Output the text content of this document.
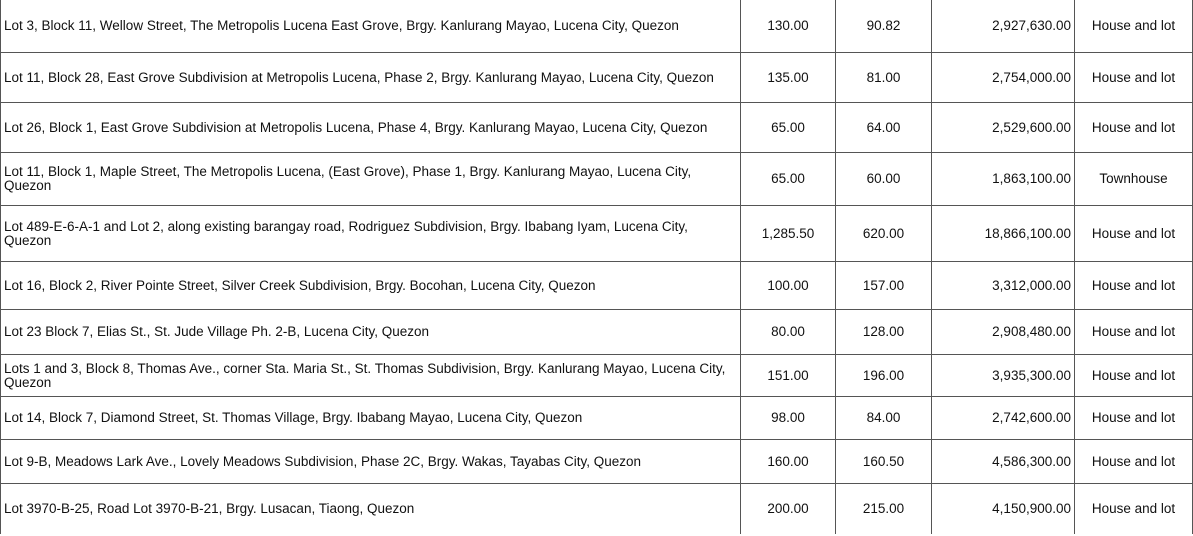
Lot 3, Block 11, Wellow Street, The Metropolis Lucena East Grove, Brgy. Kanlurang Mayao, Lucena City, Quezon	130.00	90.82	2,927,630.00	House and lot
Lot 11, Block 28, East Grove Subdivision at Metropolis Lucena, Phase 2, Brgy. Kanlurang Mayao, Lucena City, Quezon	135.00	81.00	2,754,000.00	House and lot
Lot 26, Block 1, East Grove Subdivision at Metropolis Lucena, Phase 4, Brgy. Kanlurang Mayao, Lucena City, Quezon	65.00	64.00	2,529,600.00	House and lot
Lot 11, Block 1, Maple Street, The Metropolis Lucena, (East Grove), Phase 1, Brgy. Kanlurang Mayao, Lucena City, Quezon	65.00	60.00	1,863,100.00	Townhouse
Lot 489-E-6-A-1 and Lot 2, along existing barangay road, Rodriguez Subdivision, Brgy. Ibabang Iyam, Lucena City, Quezon	1,285.50	620.00	18,866,100.00	House and lot
Lot 16, Block 2, River Pointe Street, Silver Creek Subdivision, Brgy. Bocohan, Lucena City, Quezon	100.00	157.00	3,312,000.00	House and lot
Lot 23 Block 7, Elias St., St. Jude Village Ph. 2-B, Lucena City, Quezon	80.00	128.00	2,908,480.00	House and lot
Lots 1 and 3, Block 8, Thomas Ave., corner Sta. Maria St., St. Thomas Subdivision, Brgy. Kanlurang Mayao, Lucena City, Quezon	151.00	196.00	3,935,300.00	House and lot
Lot 14, Block 7, Diamond Street, St. Thomas Village, Brgy. Ibabang Mayao, Lucena City, Quezon	98.00	84.00	2,742,600.00	House and lot
Lot 9-B, Meadows Lark Ave., Lovely Meadows Subdivision, Phase 2C, Brgy. Wakas, Tayabas City, Quezon	160.00	160.50	4,586,300.00	House and lot
Lot 3970-B-25, Road Lot 3970-B-21, Brgy. Lusacan, Tiaong, Quezon	200.00	215.00	4,150,900.00	House and lot
